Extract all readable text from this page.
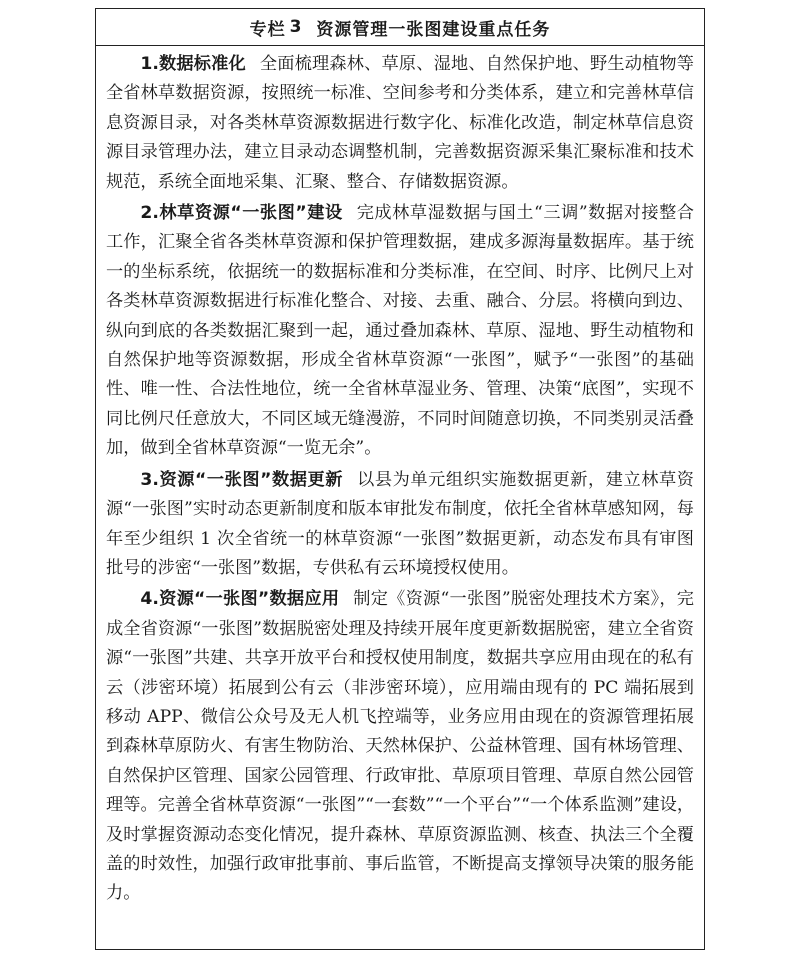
专栏 3 资源管理一张图建设重点任务

1.数据标准化 全面梳理森林、草原、湿地、自然保护地、野生动植物等全省林草数据资源，按照统一标准、空间参考和分类体系，建立和完善林草信息资源目录，对各类林草资源数据进行数字化、标准化改造，制定林草信息资源目录管理办法，建立目录动态调整机制，完善数据资源采集汇聚标准和技术规范，系统全面地采集、汇聚、整合、存储数据资源。

2.林草资源“一张图”建设 完成林草湿数据与国土“三调”数据对接整合工作，汇聚全省各类林草资源和保护管理数据，建成多源海量数据库。基于统一的坐标系统，依据统一的数据标准和分类标准，在空间、时序、比例尺上对各类林草资源数据进行标准化整合、对接、去重、融合、分层。将横向到边、纵向到底的各类数据汇聚到一起，通过叠加森林、草原、湿地、野生动植物和自然保护地等资源数据，形成全省林草资源“一张图”，赋予“一张图”的基础性、唯一性、合法性地位，统一全省林草湿业务、管理、决策“底图”，实现不同比例尺任意放大，不同区域无缝漫游，不同时间随意切换，不同类别灵活叠加，做到全省林草资源“一览无余”。

3.资源“一张图”数据更新 以县为单元组织实施数据更新，建立林草资源“一张图”实时动态更新制度和版本审批发布制度，依托全省林草感知网，每年至少组织 1 次全省统一的林草资源“一张图”数据更新，动态发布具有审图批号的涉密“一张图”数据，专供私有云环境授权使用。

4.资源“一张图”数据应用 制定《资源“一张图”脱密处理技术方案》，完成全省资源“一张图”数据脱密处理及持续开展年度更新数据脱密，建立全省资源“一张图”共建、共享开放平台和授权使用制度，数据共享应用由现在的私有云（涉密环境）拓展到公有云（非涉密环境），应用端由现有的 PC 端拓展到移动 APP、微信公众号及无人机飞控端等，业务应用由现在的资源管理拓展到森林草原防火、有害生物防治、天然林保护、公益林管理、国有林场管理、自然保护区管理、国家公园管理、行政审批、草原项目管理、草原自然公园管理等。完善全省林草资源“一张图”“一套数”“一个平台”“一个体系监测”建设，及时掌握资源动态变化情况，提升森林、草原资源监测、核查、执法三个全覆盖的时效性，加强行政审批事前、事后监管，不断提高支撑领导决策的服务能力。
